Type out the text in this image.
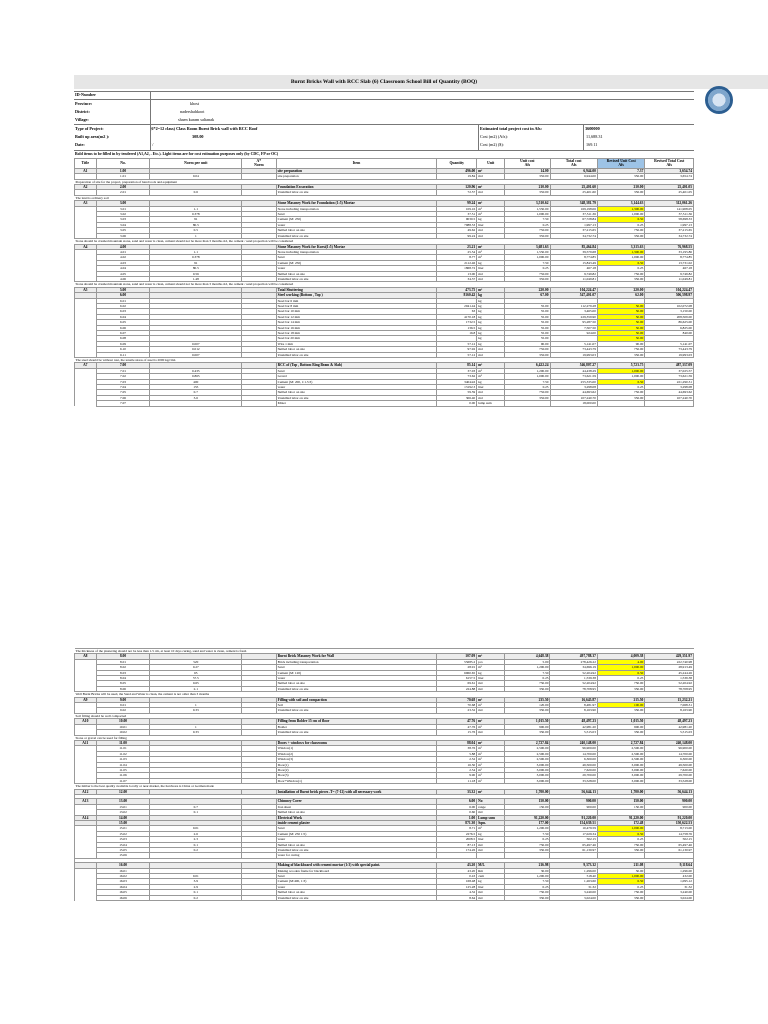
Burnt Bricks Wall with RCC Slab (6) Classroom School Bill of Quantity (BOQ)
ID-Number
Province:	khost
District:	nadershahkoot
Village:	shaen kuram saltanak
Type of Project:	(6*2=12 class) Class Room Burnt Brick wall with RCC Roof
Built up area(m2 ):	308.00
Date:	/ /
Estimated total project cost in Afs:	3600000
Cost (m2) (Afs):	11,688.31
Cost (m2) ($):	169.11
Bold items to be filled in by tendered (A1,A2, . Etc.). Light items are for cost estimation purposes only (by CDC, FP or OC)
Title	No.	Norm per unit	A*
Norm	Item	Quantity	Unit	Unit cost
Afs	Total cost
Afs	Revised Unit Cost
Afs	Revised Total Cost
Afs
A1	1.00			site preparation	496.00	m²	14.00	6,944.00	7.37	3,654.74
	1.01	0.04		site preparation	19.84	md	350.00	6,944.00	350.00	3,654.74
Preparation of site for the project, preparation of hand tools and equipment										
A2	2.00			Foundation Excavation	120.96	m³	210.00	25,401.60	210.00	25,401.05
	2.01	0.6		Unskilled labor on site	72.57	md	350.00	25,401.60	350.00	25,401.05
The land is ordinary soil										
A3	3.00			Stone Masonry Work for Foundation (1:5) Mortar	99.24	m³	3,510.62	348,381.79	3,144.63	312,061.26
	3.01	1.1		Stone including transportation	109.16	m³	1,550.00	169,198.06	1,300.00	141,908.05
	3.02	0.378		Sand	37.51	m³	1,000.00	37,511.36	1,000.00	37,511.36
	3.03	91		Cement (M: 250)	9030.5	kg	7.50	67,728.84	6.50	58,698.33
	3.04	80.5		water	7988.53	liter	0.25	1,997.13	0.25	1,997.13
	3.05	0.5		Skilled labor on site	49.62	md	750.00	37,215.65	750.00	37,215.65
	3.06	1		Unskilled labor on site	99.24	md	350.00	34,732.74	350.00	34,732.74
Stone should be crushed mountain stone, sand and water is clean, cement should not be more than 3 months old, the cement / sand proportion will be considered										
A4	4.00			Stone Masonry Work for Kursi(1:5) Mortar	23.21	m³	3,681.63	85,464.84	3,315.63	76,968.55
	4.01	1.1		Stone including transportation	25.54	m³	1,550.00	39,579.68	1,300.00	33,195.86
	4.02	0.378		Sand	8.77	m³	1,000.00	8,774.85	1,000.00	8,774.85
	4.03	91		Cement (M: 250)	2112.46	kg	7.50	15,843.49	6.50	13,731.02
	4.04	80.5		water	1868.72	liter	0.25	467.18	0.25	467.18
	4.05	0.56		Skilled labor on site	13.00	md	750.00	9,749.82	750.00	9,749.82
	4.06	1.48		Unskilled labor on site	34.37	md	350.00	11,049.81	350.00	11,049.81
Stone should be crushed mountain stone, sand and water is clean, cement should not be more than 3 months old, the cement / sand proportion will be considered										
A5	5.00			Total Shuttering	473.75	m²	220.00	104,224.47	220.00	104,224.47
	6.00			Steel working (Bottom , Top )	8160.42	kg	67.00	547,401.07	62.00	506,598.97
	6.01			Steel bar 6 mm		kg				
	6.02			Steel bar 8 mm	2041.44	kg	55.00	112,279.28	50.00	102,072.08
	6.03			Steel bar 10 mm	63	kg	55.00	3,465.00	50.00	3,150.00
	6.04			Steel bar 12 mm	4170.18	kg	55.00	229,359.90	50.00	208,509.00
	6.05			Steel bar 14 mm	1732.5	kg	55.00	95,287.50	50.00	86,625.00
	6.06			Steel bar 16 mm	136.5	kg	55.00	7,507.50	50.00	6,825.00
	6.07			Steel bar 18 mm	16.8	kg	55.00	924.00	50.00	840.00
	6.08			Steel bar 20 mm		kg	55.00		50.00	
	6.09	0.007		Wire 1 mm	57.12	kg	90.00	5,141.07	90.00	5,141.07
	6.10	0.012		Skilled labor on site	97.92	md	750.00	73,443.79	750.00	73,443.79
	6.11	0.007		Unskilled labor on site	57.12	md	350.00	19,993.03	350.00	19,993.03
The steel should be without rust, the tensile stress of steel is 2000 kg/cm2.										
A7	7.00			RCC of (Top , Bottom Ring Beam & Slab)	85.14	m³	6,422.24	546,807.27	5,723.75	487,337.09
	7.01	0.435		Sand	37.03	m³	1,200.00	44,438.29	1,000.00	37,025.57
	7.02	0.865		Gravel	73.62	m³	1,000.00	73,621.59	1,000.00	73,621.59
	7.03	400		Cement (M: 200, 1:1.5:3)	34044.6	kg	7.50	255,335.00	6.50	221,290.31
	7.04	155		water	13192.3	liter	0.25	3,298.08	0.25	3,298.08
	7.05	0.7		Skilled labor on site	59.59	md	750.00	44,693.62	750.00	44,693.62
	7.06	3.6		Unskilled labor on site	306.40	md	350.00	107,240.70	350.00	107,240.70
	7.07			Mixer	0.00	lump sum		18,000.00		
The thickness of the plastering should not be less than 1.5 cm, at least 10 days curing, sand and water is clean, cement is fresh										
A8	8.00			Burnt Brick Masonry Work for Wall	107.09	m³	4,648.38	497,788.37	4,009.38	429,351.97
	8.01	520		Brick including transportation	55685.2	pcs	5.00	278,426.22	4.00	222,740.98
	8.02	0.27		Sand	28.91	m³	1,200.00	34,696.19	1,000.00	28,913.49
	8.03	65		Cement (M: 120)	6960.65	kg	7.50	52,204.92	6.50	45,244.26
	8.04	57.5		water	6157.5	liter	0.25	1,539.38	0.25	1,539.38
	8.05	0.65		Skilled labor on site	69.61	md	750.00	52,204.92	750.00	52,204.92
	8.06	2.1		Unskilled labor on site	224.88	md	350.00	78,708.95	350.00	78,708.95
Well Burnt Bricks will be used, the Sand and Water is clean, the cement is not older than 3 months										
A9	9.00			Filling with soil and compaction	70.68	m³	235.50	16,645.87	215.50	15,232.21
	9.01	1		Soil	70.68	m³	120.00	8,481.97	100.00	7,068.31
	9.02	0.33		Unskilled labor on site	23.32	md	350.00	8,163.90	350.00	8,163.90
Soil filling should be well compacted										
A10	10.00			Filling from Bolder 15 cm of floor	47.76	m³	1,015.50	48,497.23	1,015.50	48,497.23
	10.01	1		Bolder	47.76	m³	900.00	42,981.20	900.00	42,981.20
	10.02	0.33		Unskilled labor on site	15.76	md	350.00	5,515.03	350.00	5,515.03
Stone or gravel can be used for filling										
A11	11.00			Doors + windows for classrooms	88.04	m²	2,727.84	240,148.00	2,727.84	240,148.00
	11.01			Window(1)	38.76	m²	2,500.00	96,900.00	2,500.00	96,900.00
	11.02			Window(2)	5.88	m²	2,500.00	14,700.00	2,500.00	14,700.00
	11.03			Window(3)	2.52	m²	2,500.00	6,300.00	2,500.00	6,300.00
	11.04			Door(1)	16.50	m²	3,000.00	49,500.00	3,000.00	49,500.00
	11.05			Door(2)	2.54	m²	3,000.00	7,620.00	3,000.00	7,620.00
	11.06			Door(3)	9.90	m²	3,000.00	29,700.00	3,000.00	29,700.00
	11.07			Door+Window(1)	11.18	m²	3,000.00	33,528.00	3,000.00	33,528.00
The timber is the best quality available locally or near market, the hardware is China or German made										
A12	12.00			Installation of Burnt brick pieces .T= (7-12) with all necessary work	33.32	m³	1,700.00	56,644.13	1,700.00	56,644.13

A13	13.00			Chimney Cover	6.00	No	150.00	900.00	150.00	900.00
	13.01	0.7		Iron sheet	6.00	range	150.00	900.00	150.00	900.00
	13.02	0.1		Skilled labor on site	0.60	md				
A14	14.00			Electrical Work	1.00	Lump sum	91,220.00	91,220.00	91,220.00	91,220.00
	15.00			inside cement plaster	871.30	Sqm.	177.00	154,639.51	172.48	150,622.53
	15.01	0.01		Sand	8.71	m³	1,200.00	10,479.59	1,000.00	8,713.00
	15.02	2.6		Cement (M: 250 1:5)	2276.5	kg	7.50	17,029.34	6.50	14,758.76
	15.03	2.3		water	2008.5	liter	0.25	502.15	0.25	502.15
	15.04	0.1		Skilled labor on site	87.13	md	750.00	65,497.46	750.00	65,497.46
	15.05	0.2		Unskilled labor on site	174.26	md	350.00	61,130.97	350.00	61,130.97
	15.06			water for curing						

	16.00			Making of blackboard with cement mortar (1:3) with special paint.	43.20	M/L	216.98	9,373.32	211.08	9,118.64
	16.01			Making wooden frame for blackboard	43.20	Rm	30.00	1,296.00	30.00	1,296.00
	16.02	0.01		Sand	0.43	cum	1,200.00	518.40	1,000.00	432.00
	16.03	3.9		Cement (M:400, 1:3)	168.48	kg	7.50	1,263.60	6.50	1,095.12
	16.04	2.9		water	125.28	liter	0.25	31.32	0.25	31.32
	16.05	0.1		Skilled labor on site	4.32	md	750.00	3,240.00	750.00	3,240.00
	16.06	0.2		Unskilled labor on site	8.64	md	350.00	3,024.00	350.00	3,024.00
